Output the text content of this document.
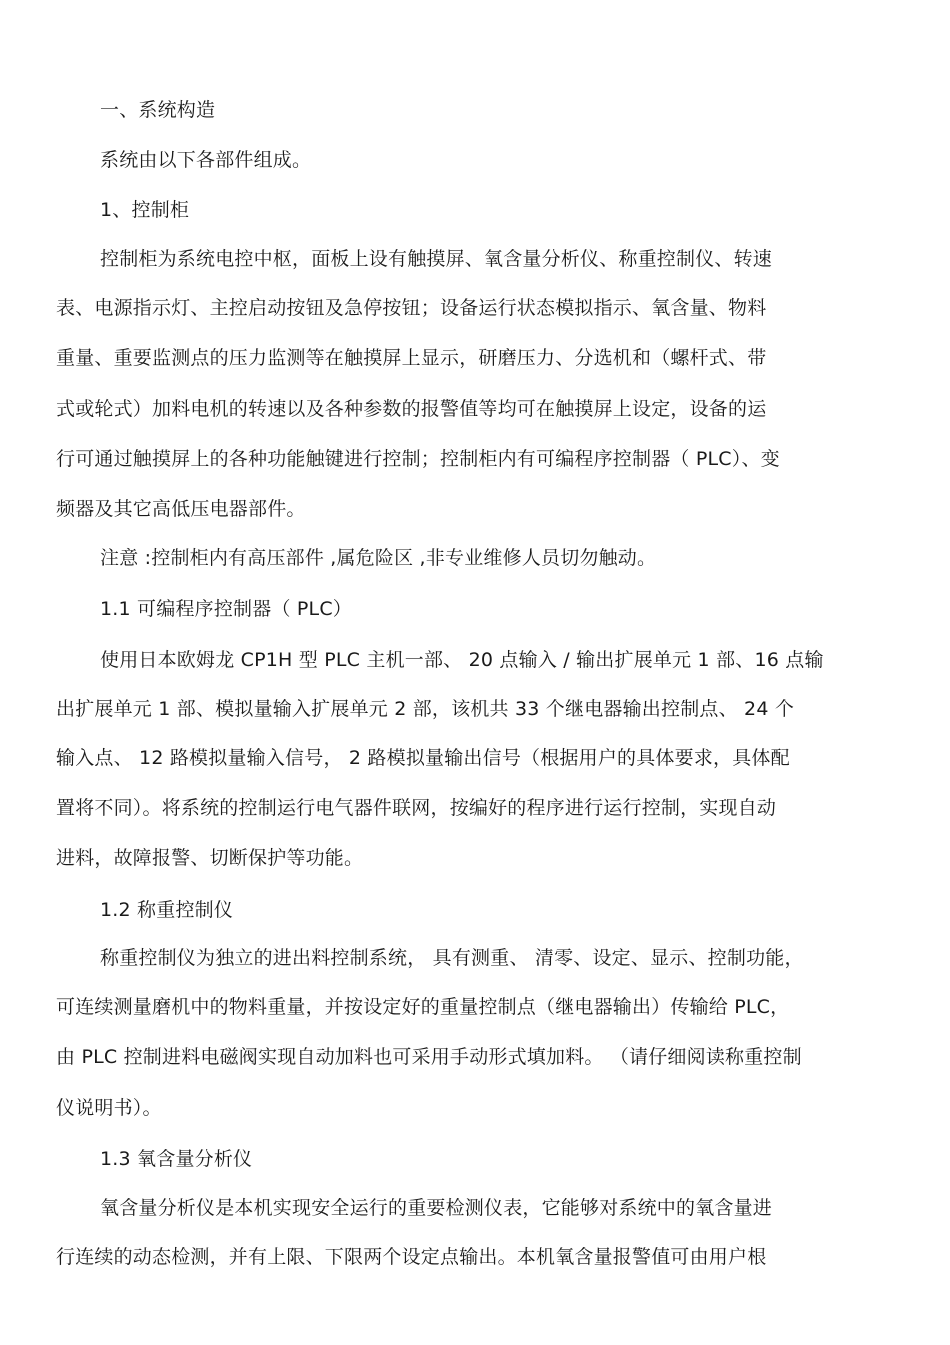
一、系统构造
系统由以下各部件组成。
1、控制柜
控制柜为系统电控中枢，面板上设有触摸屏、氧含量分析仪、称重控制仪、转速
表、电源指示灯、主控启动按钮及急停按钮；设备运行状态模拟指示、氧含量、物料
重量、重要监测点的压力监测等在触摸屏上显示，研磨压力、分选机和（螺杆式、带
式或轮式）加料电机的转速以及各种参数的报警值等均可在触摸屏上设定，设备的运
行可通过触摸屏上的各种功能触键进行控制；控制柜内有可编程序控制器（ PLC）、变
频器及其它高低压电器部件。
注意 :控制柜内有高压部件 ,属危险区 ,非专业维修人员切勿触动。
1.1 可编程序控制器（ PLC）
使用日本欧姆龙 CP1H 型 PLC 主机一部、 20 点输入 / 输出扩展单元 1 部、16 点输
出扩展单元 1 部、模拟量输入扩展单元 2 部，该机共 33 个继电器输出控制点、 24 个
输入点、 12 路模拟量输入信号， 2 路模拟量输出信号（根据用户的具体要求，具体配
置将不同）。将系统的控制运行电气器件联网，按编好的程序进行运行控制，实现自动
进料，故障报警、切断保护等功能。
1.2 称重控制仪
称重控制仪为独立的进出料控制系统， 具有测重、 清零、设定、显示、控制功能，
可连续测量磨机中的物料重量，并按设定好的重量控制点（继电器输出）传输给 PLC，
由 PLC 控制进料电磁阀实现自动加料也可采用手动形式填加料。 （请仔细阅读称重控制
仪说明书）。
1.3 氧含量分析仪
氧含量分析仪是本机实现安全运行的重要检测仪表，它能够对系统中的氧含量进
行连续的动态检测，并有上限、下限两个设定点输出。本机氧含量报警值可由用户根
